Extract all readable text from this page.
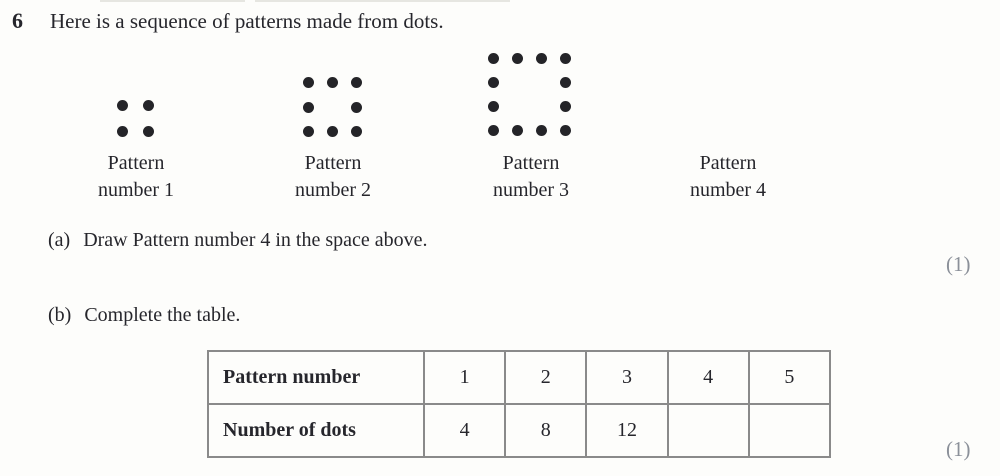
6 Here is a sequence of patterns made from dots.
Pattern
number 1
Pattern
number 2
Pattern
number 3
Pattern
number 4
(a) Draw Pattern number 4 in the space above.
(1)
(b) Complete the table.
(1)
Pattern number	1	2	3	4	5
Number of dots	4	8	12		
